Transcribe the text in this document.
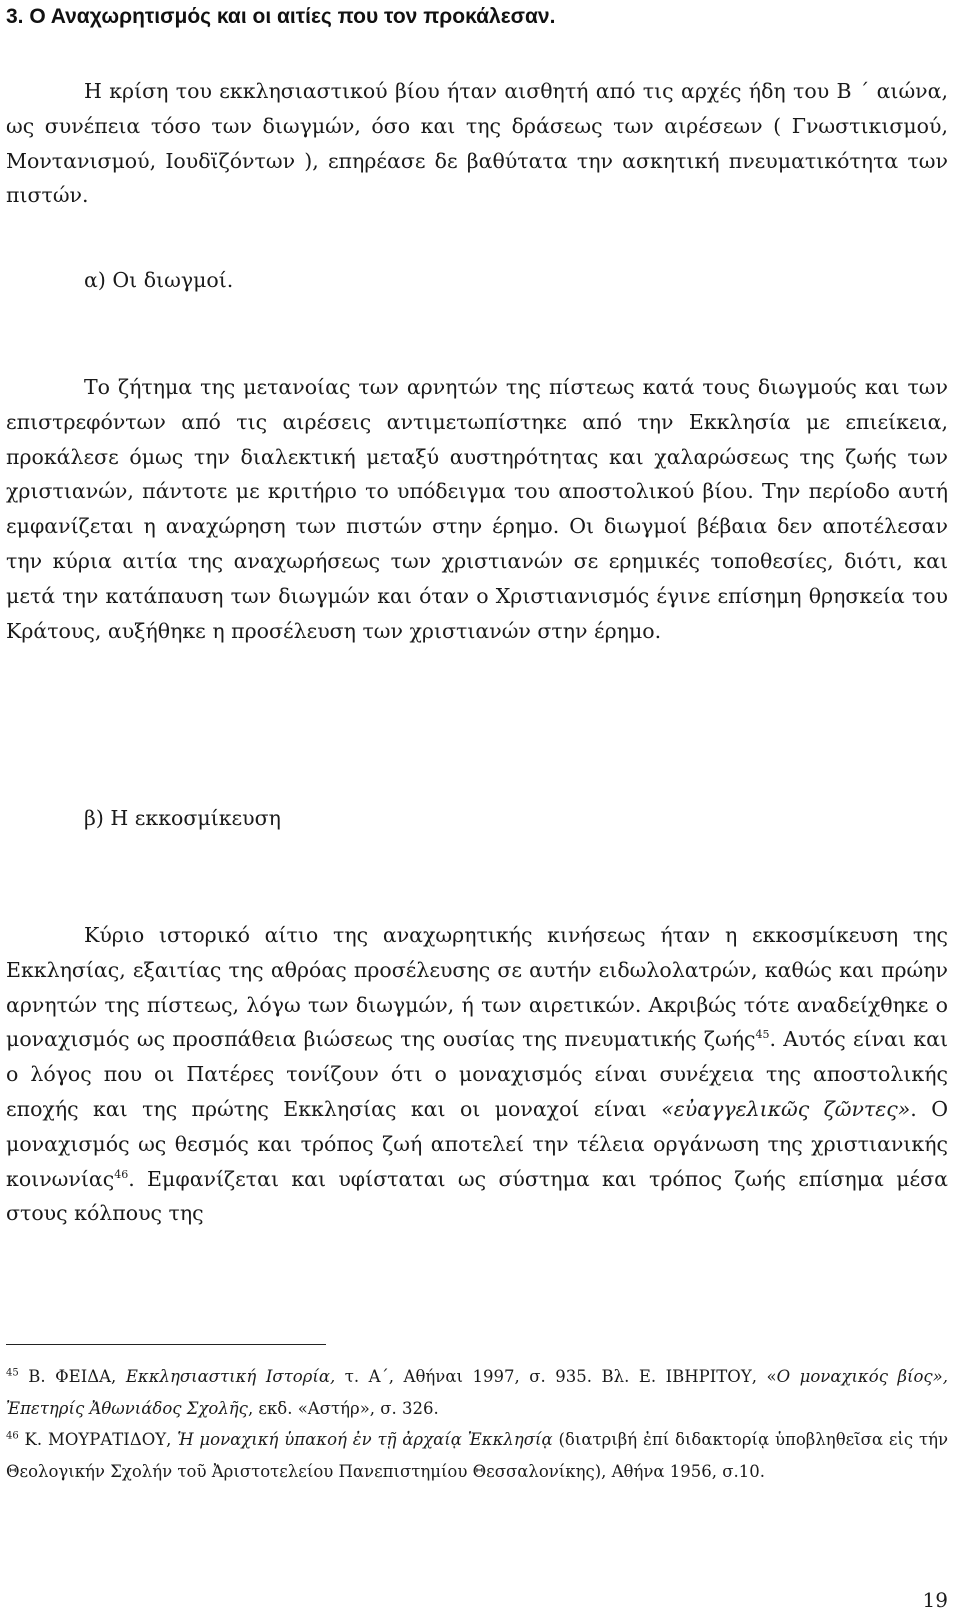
3. Ο Αναχωρητισμός και οι αιτίες που τον προκάλεσαν.

Η κρίση του εκκλησιαστικού βίου ήταν αισθητή από τις αρχές ήδη του Β ΄ αιώνα, ως συνέπεια τόσο των διωγμών, όσο και της δράσεως των αιρέσεων ( Γνωστικισμού, Μοντανισμού, Ιουδϊζόντων ), επηρέασε δε βαθύτατα την ασκητική πνευματικότητα των πιστών.

α) Οι διωγμοί.

Το ζήτημα της μετανοίας των αρνητών της πίστεως κατά τους διωγμούς και των επιστρεφόντων από τις αιρέσεις αντιμετωπίστηκε από την Εκκλησία με επιείκεια, προκάλεσε όμως την διαλεκτική μεταξύ αυστηρότητας και χαλαρώσεως της ζωής των χριστιανών, πάντοτε με κριτήριο το υπόδειγμα του αποστολικού βίου. Την περίοδο αυτή εμφανίζεται η αναχώρηση των πιστών στην έρημο. Οι διωγμοί βέβαια δεν αποτέλεσαν την κύρια αιτία της αναχωρήσεως των χριστιανών σε ερημικές τοποθεσίες, διότι, και μετά την κατάπαυση των διωγμών και όταν ο Χριστιανισμός έγινε επίσημη θρησκεία του Κράτους, αυξήθηκε η προσέλευση των χριστιανών στην έρημο.

β) Η εκκοσμίκευση

Κύριο ιστορικό αίτιο της αναχωρητικής κινήσεως ήταν η εκκοσμίκευση της Εκκλησίας, εξαιτίας της αθρόας προσέλευσης σε αυτήν ειδωλολατρών, καθώς και πρώην αρνητών της πίστεως, λόγω των διωγμών, ή των αιρετικών. Ακριβώς τότε αναδείχθηκε ο μοναχισμός ως προσπάθεια βιώσεως της ουσίας της πνευματικής ζωής$^{45}$. Αυτός είναι και ο λόγος που οι Πατέρες τονίζουν ότι ο μοναχισμός είναι συνέχεια της αποστολικής εποχής και της πρώτης Εκκλησίας και οι μοναχοί είναι «εὐαγγελικῶς ζῶντες». Ο μοναχισμός ως θεσμός και τρόπος ζωή αποτελεί την τέλεια οργάνωση της χριστιανικής κοινωνίας$^{46}$. Εμφανίζεται και υφίσταται ως σύστημα και τρόπος ζωής επίσημα μέσα στους κόλπους της

$^{45}$ Β. ΦΕΙΔΑ, Εκκλησιαστική Ιστορία, τ. Α΄, Αθήναι 1997, σ. 935. Βλ. Ε. ΙΒΗΡΙΤΟΥ, «Ο μοναχικός βίος», Ἐπετηρίς Ἀθωνιάδος Σχολῆς, εκδ. «Αστήρ», σ. 326.

$^{46}$ Κ. ΜΟΥΡΑΤΙΔΟΥ, Ἡ μοναχική ὑπακοή ἐν τῇ ἀρχαίᾳ Ἐκκλησίᾳ (διατριβή ἐπί διδακτορίᾳ ὑποβληθεῖσα εἰς τήν Θεολογικήν Σχολήν τοῦ Ἀριστοτελείου Πανεπιστημίου Θεσσαλονίκης), Αθήνα 1956, σ.10.

19
